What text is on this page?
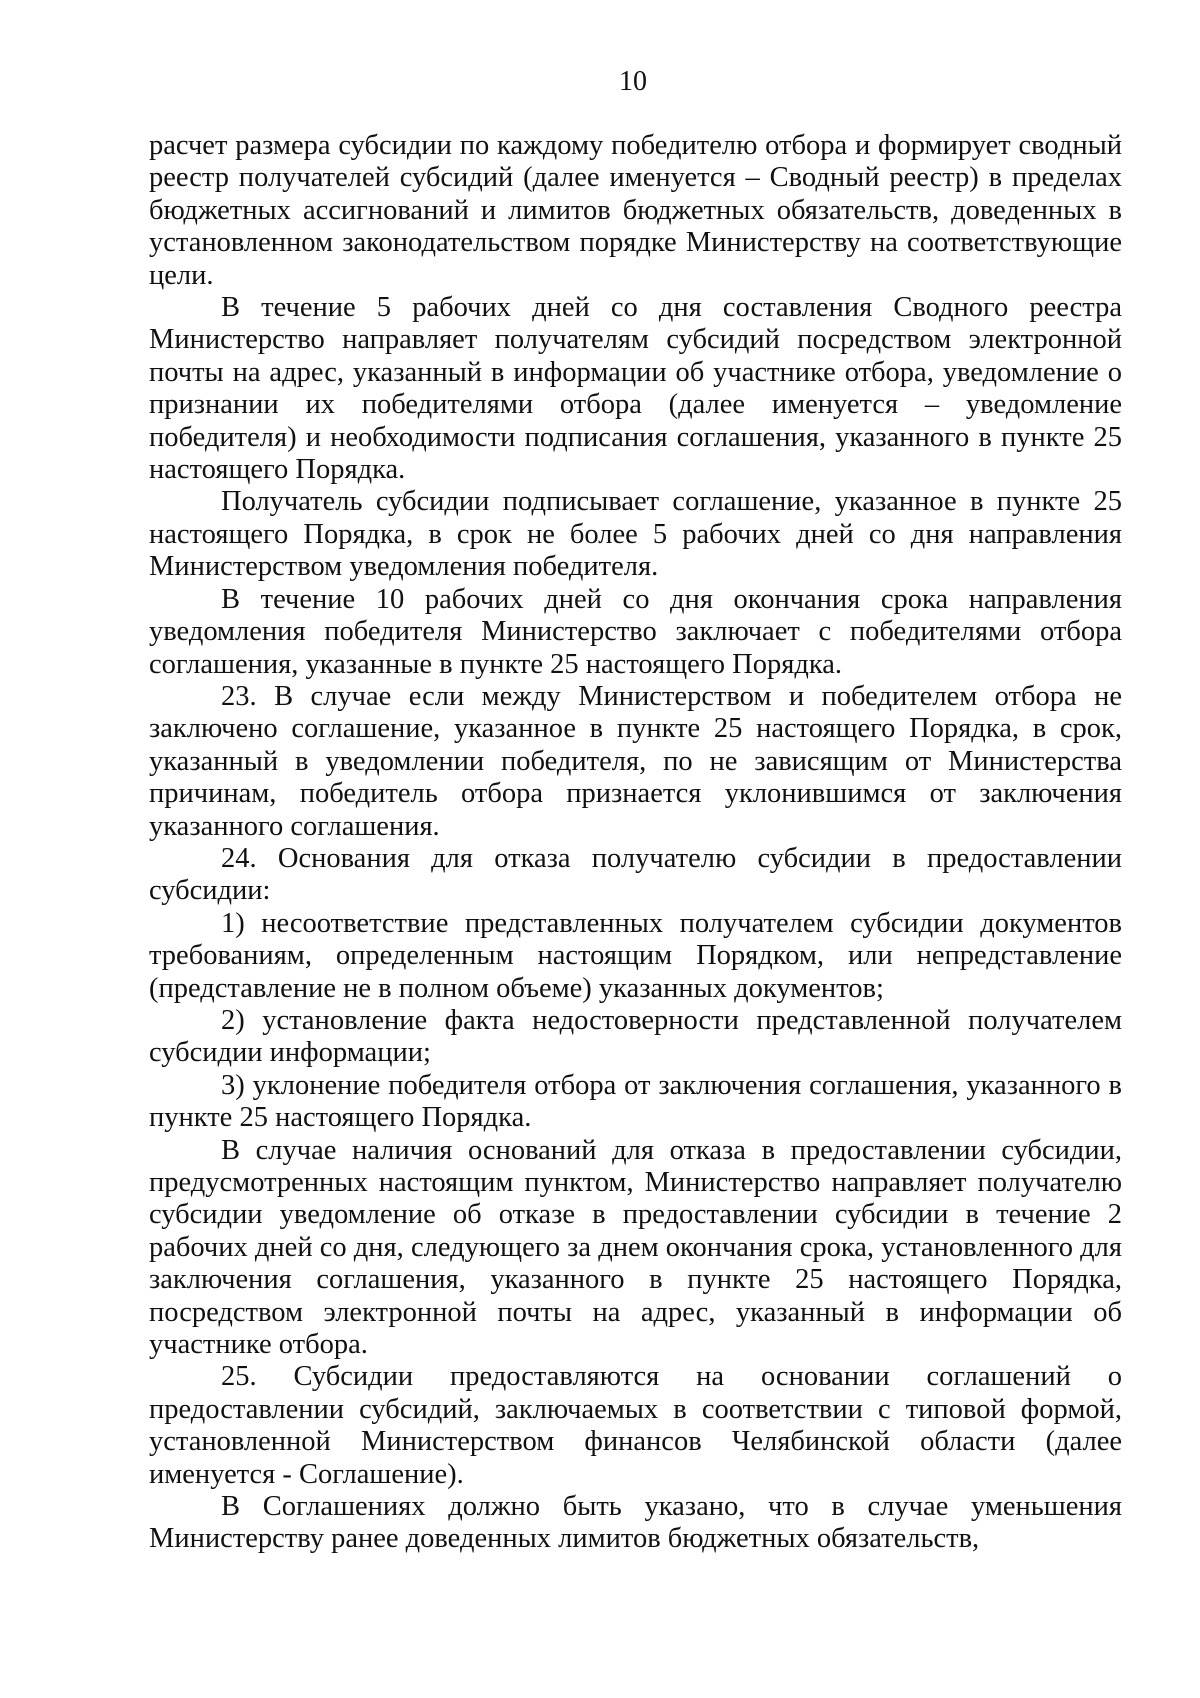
10

расчет размера субсидии по каждому победителю отбора и формирует сводный реестр получателей субсидий (далее именуется – Сводный реестр) в пределах бюджетных ассигнований и лимитов бюджетных обязательств, доведенных в установленном законодательством порядке Министерству на соответствующие цели.

В течение 5 рабочих дней со дня составления Сводного реестра Министерство направляет получателям субсидий посредством электронной почты на адрес, указанный в информации об участнике отбора, уведомление о признании их победителями отбора (далее именуется – уведомление победителя) и необходимости подписания соглашения, указанного в пункте 25 настоящего Порядка.

Получатель субсидии подписывает соглашение, указанное в пункте 25 настоящего Порядка, в срок не более 5 рабочих дней со дня направления Министерством уведомления победителя.

В течение 10 рабочих дней со дня окончания срока направления уведомления победителя Министерство заключает с победителями отбора соглашения, указанные в пункте 25 настоящего Порядка.

23. В случае если между Министерством и победителем отбора не заключено соглашение, указанное в пункте 25 настоящего Порядка, в срок, указанный в уведомлении победителя, по не зависящим от Министерства причинам, победитель отбора признается уклонившимся от заключения указанного соглашения.

24. Основания для отказа получателю субсидии в предоставлении субсидии:

1) несоответствие представленных получателем субсидии документов требованиям, определенным настоящим Порядком, или непредставление (представление не в полном объеме) указанных документов;

2) установление факта недостоверности представленной получателем субсидии информации;

3) уклонение победителя отбора от заключения соглашения, указанного в пункте 25 настоящего Порядка.

В случае наличия оснований для отказа в предоставлении субсидии, предусмотренных настоящим пунктом, Министерство направляет получателю субсидии уведомление об отказе в предоставлении субсидии в течение 2 рабочих дней со дня, следующего за днем окончания срока, установленного для заключения соглашения, указанного в пункте 25 настоящего Порядка, посредством электронной почты на адрес, указанный в информации об участнике отбора.

25. Субсидии предоставляются на основании соглашений о предоставлении субсидий, заключаемых в соответствии с типовой формой, установленной Министерством финансов Челябинской области (далее именуется - Соглашение).

В Соглашениях должно быть указано, что в случае уменьшения Министерству ранее доведенных лимитов бюджетных обязательств,
